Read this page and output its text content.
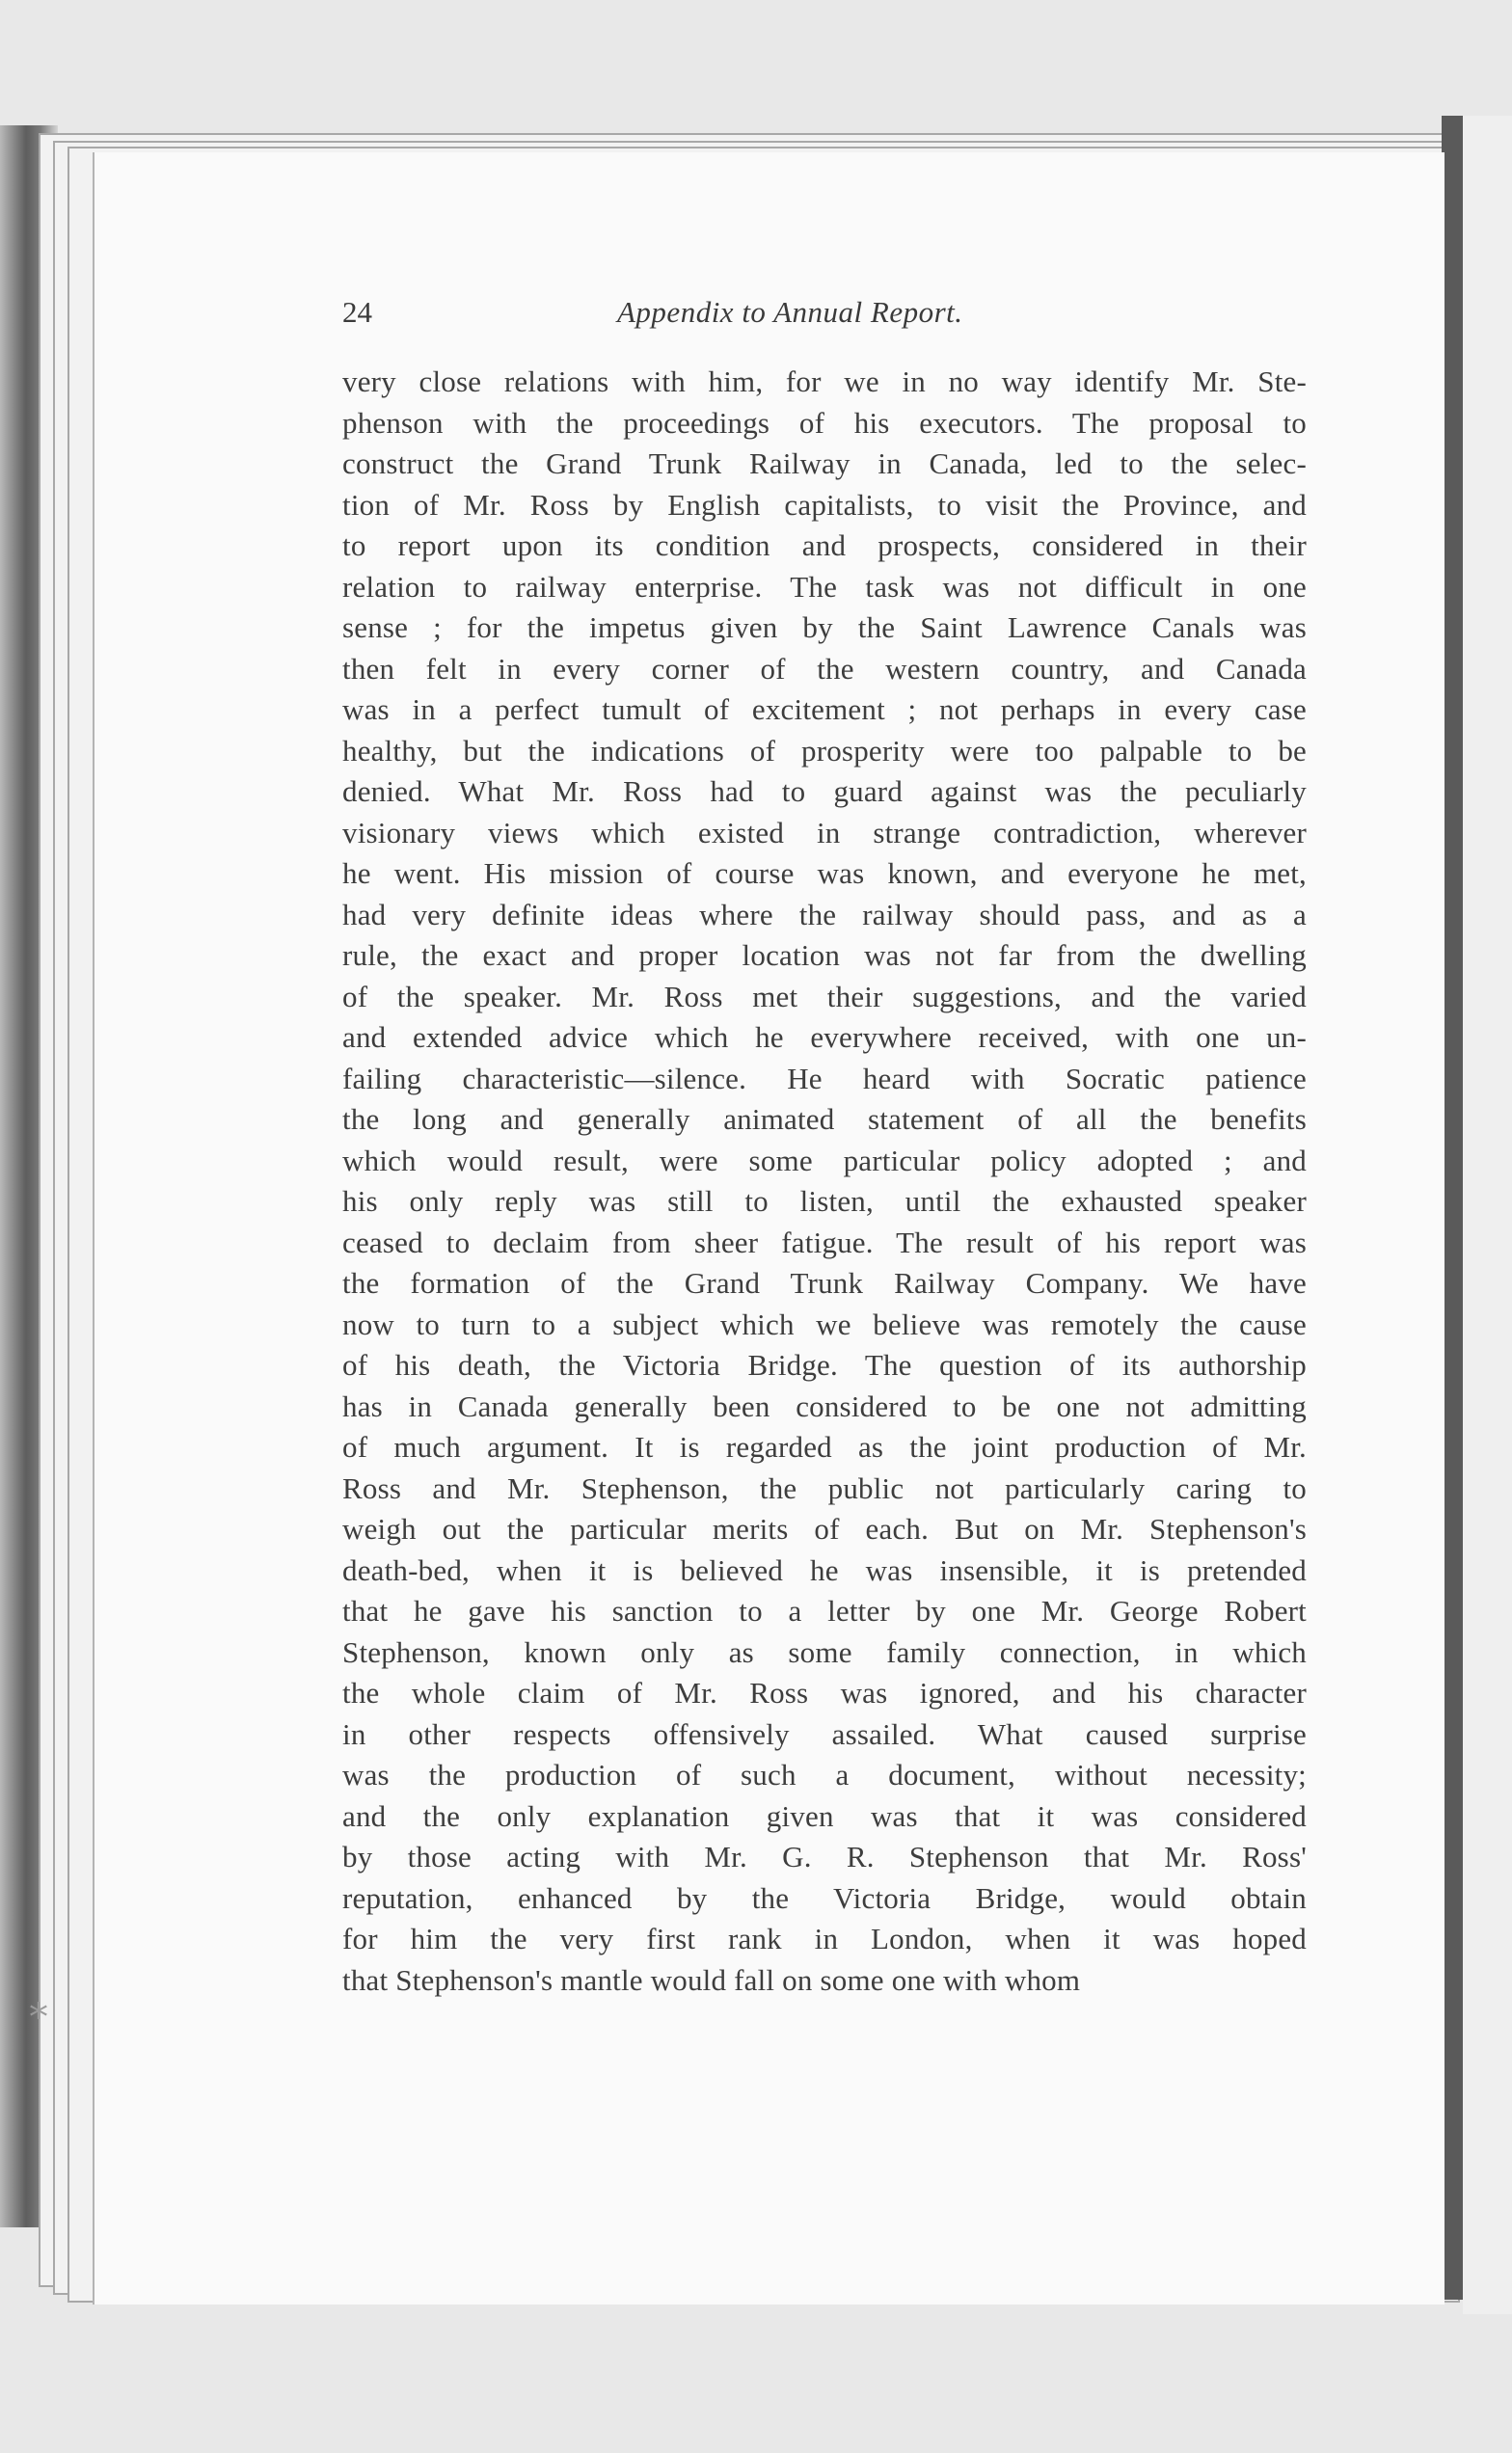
24	Appendix to Annual Report.
very close relations with him, for we in no way identify Mr. Ste-
phenson with the proceedings of his executors. The proposal to
construct the Grand Trunk Railway in Canada, led to the selec-
tion of Mr. Ross by English capitalists, to visit the Province, and
to report upon its condition and prospects, considered in their
relation to railway enterprise. The task was not difficult in one
sense ; for the impetus given by the Saint Lawrence Canals was
then felt in every corner of the western country, and Canada
was in a perfect tumult of excitement ; not perhaps in every case
healthy, but the indications of prosperity were too palpable to be
denied. What Mr. Ross had to guard against was the peculiarly
visionary views which existed in strange contradiction, wherever
he went. His mission of course was known, and everyone he met,
had very definite ideas where the railway should pass, and as a
rule, the exact and proper location was not far from the dwelling
of the speaker. Mr. Ross met their suggestions, and the varied
and extended advice which he everywhere received, with one un-
failing characteristic—silence. He heard with Socratic patience
the long and generally animated statement of all the benefits
which would result, were some particular policy adopted ; and
his only reply was still to listen, until the exhausted speaker
ceased to declaim from sheer fatigue. The result of his report was
the formation of the Grand Trunk Railway Company. We have
now to turn to a subject which we believe was remotely the cause
of his death, the Victoria Bridge. The question of its authorship
has in Canada generally been considered to be one not admitting
of much argument. It is regarded as the joint production of Mr.
Ross and Mr. Stephenson, the public not particularly caring to
weigh out the particular merits of each. But on Mr. Stephenson's
death-bed, when it is believed he was insensible, it is pretended
that he gave his sanction to a letter by one Mr. George Robert
Stephenson, known only as some family connection, in which
the whole claim of Mr. Ross was ignored, and his character
in other respects offensively assailed. What caused surprise
was the production of such a document, without necessity;
and the only explanation given was that it was considered
by those acting with Mr. G. R. Stephenson that Mr. Ross'
reputation, enhanced by the Victoria Bridge, would obtain
for him the very first rank in London, when it was hoped
that Stephenson's mantle would fall on some one with whom
⁎
